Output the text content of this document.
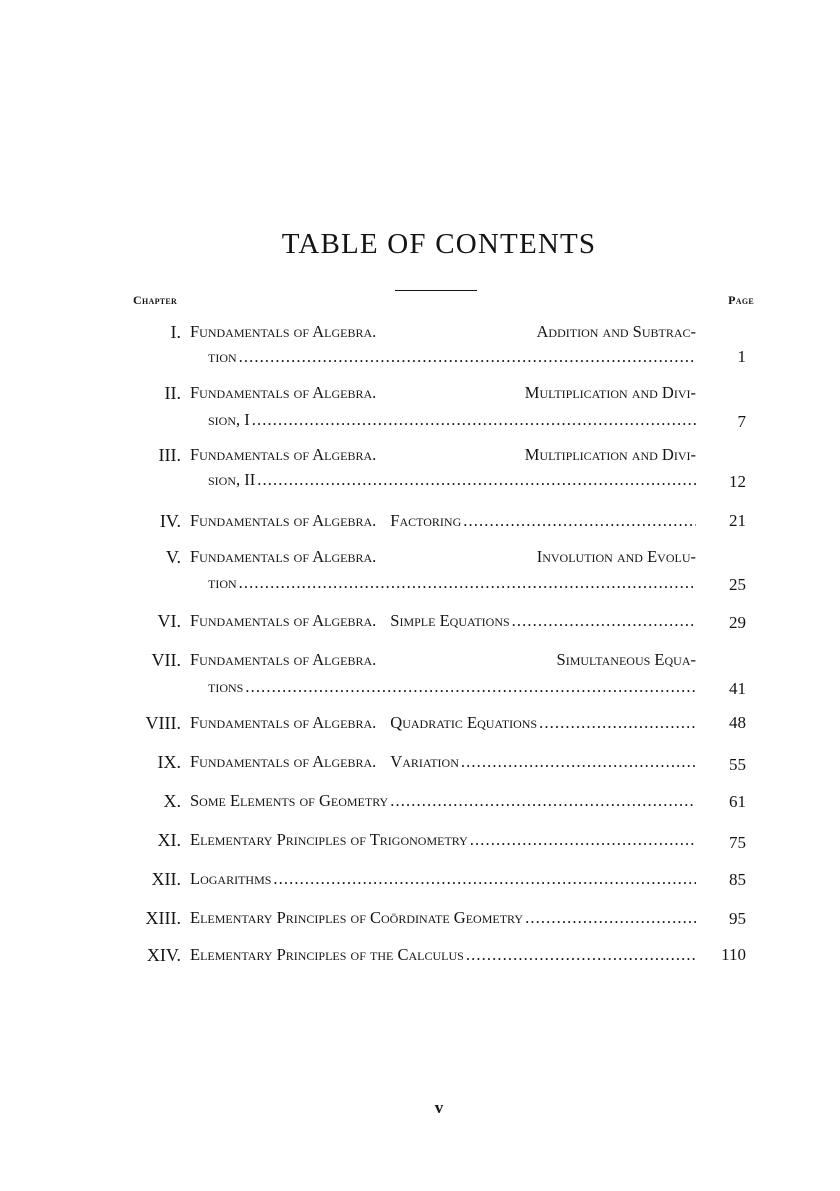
TABLE OF CONTENTS
Chapter	Page
I. Fundamentals of Algebra.	Addition and Subtrac-
tion . . .	1
II. Fundamentals of Algebra.	Multiplication and Divi-
sion, I . . .	7
III. Fundamentals of Algebra.	Multiplication and Divi-
sion, II . . .	12
IV. Fundamentals of Algebra. Factoring . . .	21
V. Fundamentals of Algebra.	Involution and Evolu-
tion . . .	25
VI. Fundamentals of Algebra. Simple Equations . . .	29
VII. Fundamentals of Algebra.	Simultaneous Equa-
tions . . .	41
VIII. Fundamentals of Algebra. Quadratic Equations . . .	48
IX. Fundamentals of Algebra. Variation . . .	55
X. Some Elements of Geometry . . .	61
XI. Elementary Principles of Trigonometry . . .	75
XII. Logarithms . . .	85
XIII. Elementary Principles of Coördinate Geometry . . .	95
XIV. Elementary Principles of the Calculus . . .	110
v
